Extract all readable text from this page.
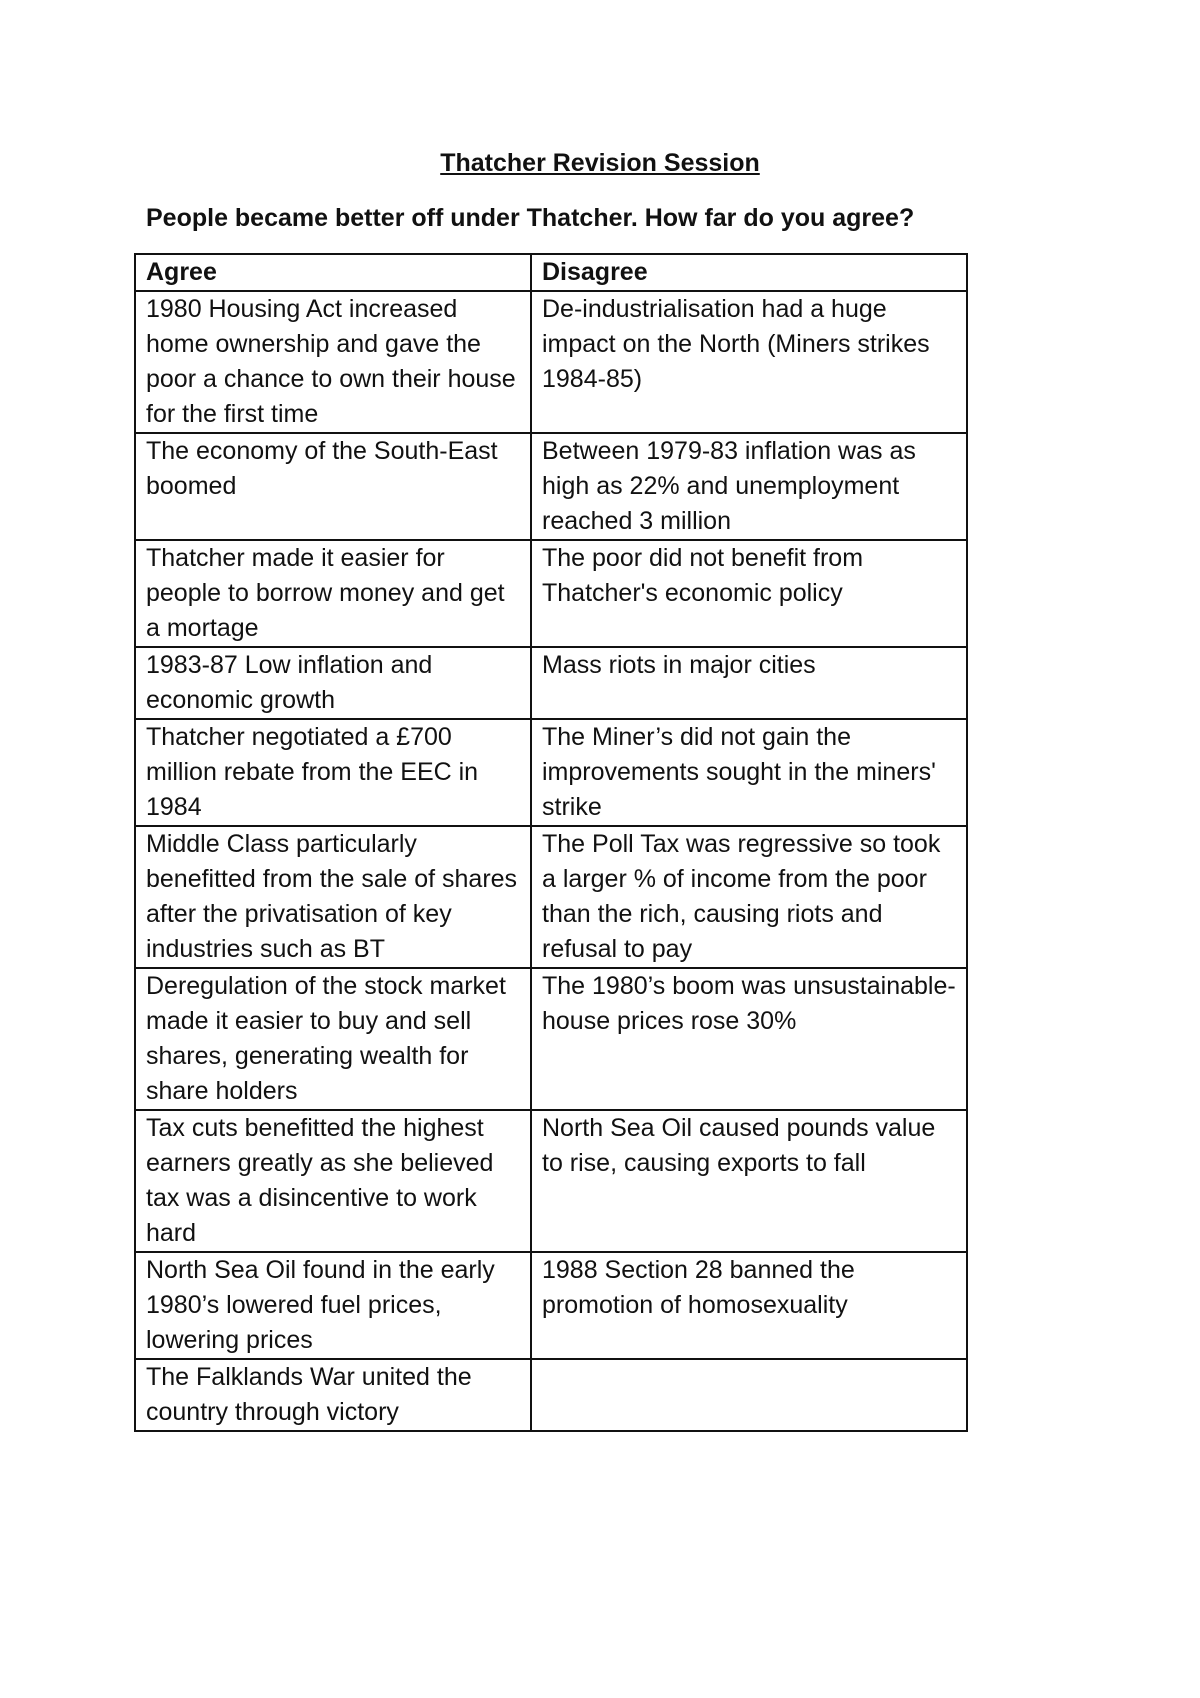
Thatcher Revision Session
People became better off under Thatcher. How far do you agree?
Agree	Disagree
1980 Housing Act increased home ownership and gave the poor a chance to own their house for the first time	De-industrialisation had a huge impact on the North (Miners strikes 1984-85)
The economy of the South-East boomed	Between 1979-83 inflation was as high as 22% and unemployment reached 3 million
Thatcher made it easier for people to borrow money and get a mortage	The poor did not benefit from Thatcher's economic policy
1983-87 Low inflation and economic growth	Mass riots in major cities
Thatcher negotiated a £700 million rebate from the EEC in 1984	The Miner’s did not gain the improvements sought in the miners' strike
Middle Class particularly benefitted from the sale of shares after the privatisation of key industries such as BT	The Poll Tax was regressive so took a larger % of income from the poor than the rich, causing riots and refusal to pay
Deregulation of the stock market made it easier to buy and sell shares, generating wealth for share holders	The 1980’s boom was unsustainable- house prices rose 30%
Tax cuts benefitted the highest earners greatly as she believed tax was a disincentive to work hard	North Sea Oil caused pounds value to rise, causing exports to fall
North Sea Oil found in the early 1980’s lowered fuel prices, lowering prices	1988 Section 28 banned the promotion of homosexuality
The Falklands War united the country through victory	
